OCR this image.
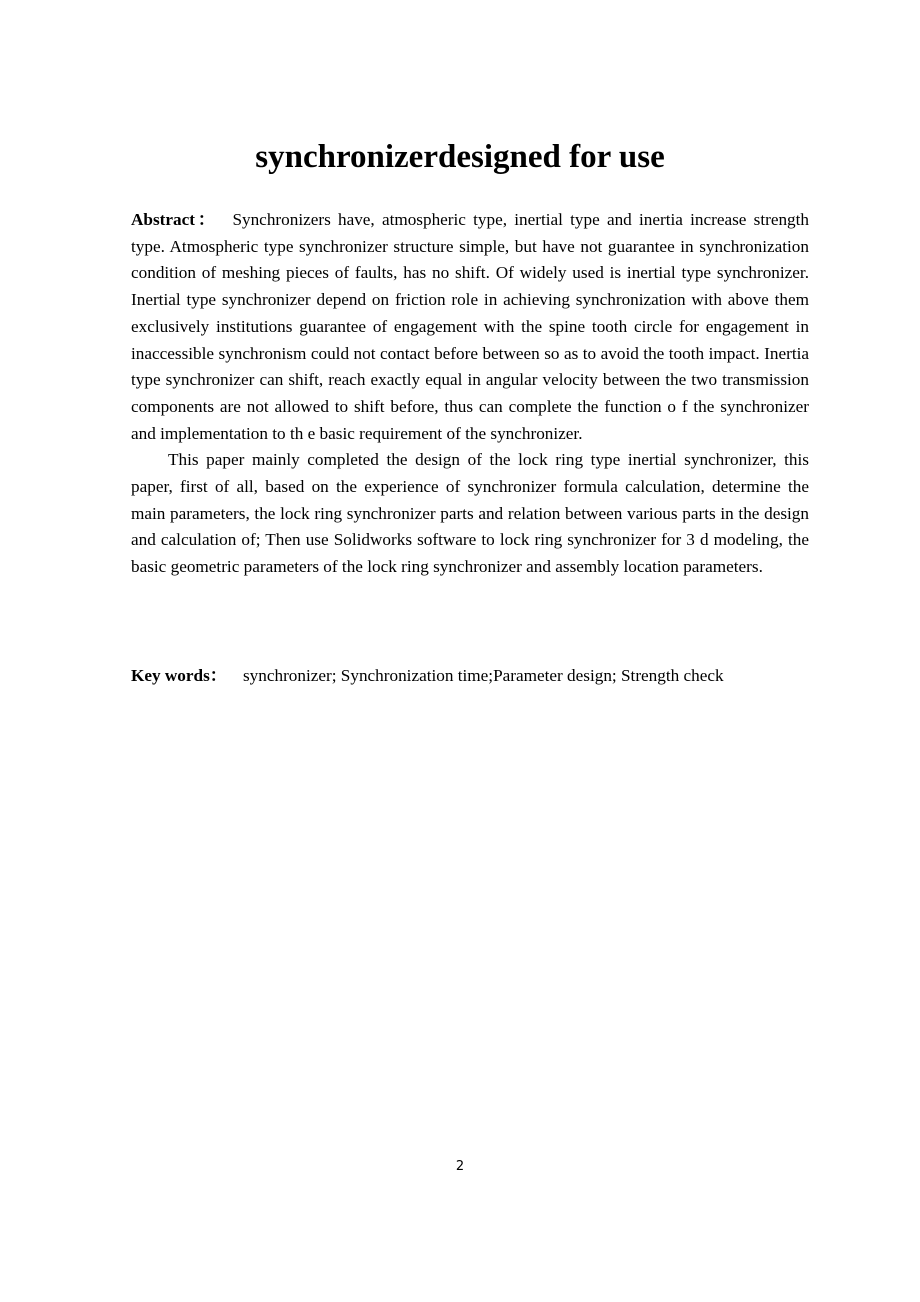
synchronizerdesigned for use

Abstract： Synchronizers have, atmospheric type, inertial type and inertia increase strength type. Atmospheric type synchronizer structure simple, but have not guarantee in synchronization condition of meshing pieces of faults, has no shift. Of widely used is inertial type synchronizer. Inertial type synchronizer depend on friction role in achieving synchronization with above them exclusively institutions guarantee of engagement with the spine tooth circle for engagement in inaccessible synchronism could not contact before between so as to avoid the tooth impact. Inertia type synchronizer can shift, reach exactly equal in angular velocity between the two transmission components are not allowed to shift before, thus can complete the function o f the synchronizer and implementation to th e basic requirement of the synchronizer.

This paper mainly completed the design of the lock ring type inertial synchronizer, this paper, first of all, based on the experience of synchronizer formula calculation, determine the main parameters, the lock ring synchronizer parts and relation between various parts in the design and calculation of; Then use Solidworks software to lock ring synchronizer for 3 d modeling, the basic geometric parameters of the lock ring synchronizer and assembly location parameters.

Key words： synchronizer; Synchronization time;Parameter design; Strength check

2
